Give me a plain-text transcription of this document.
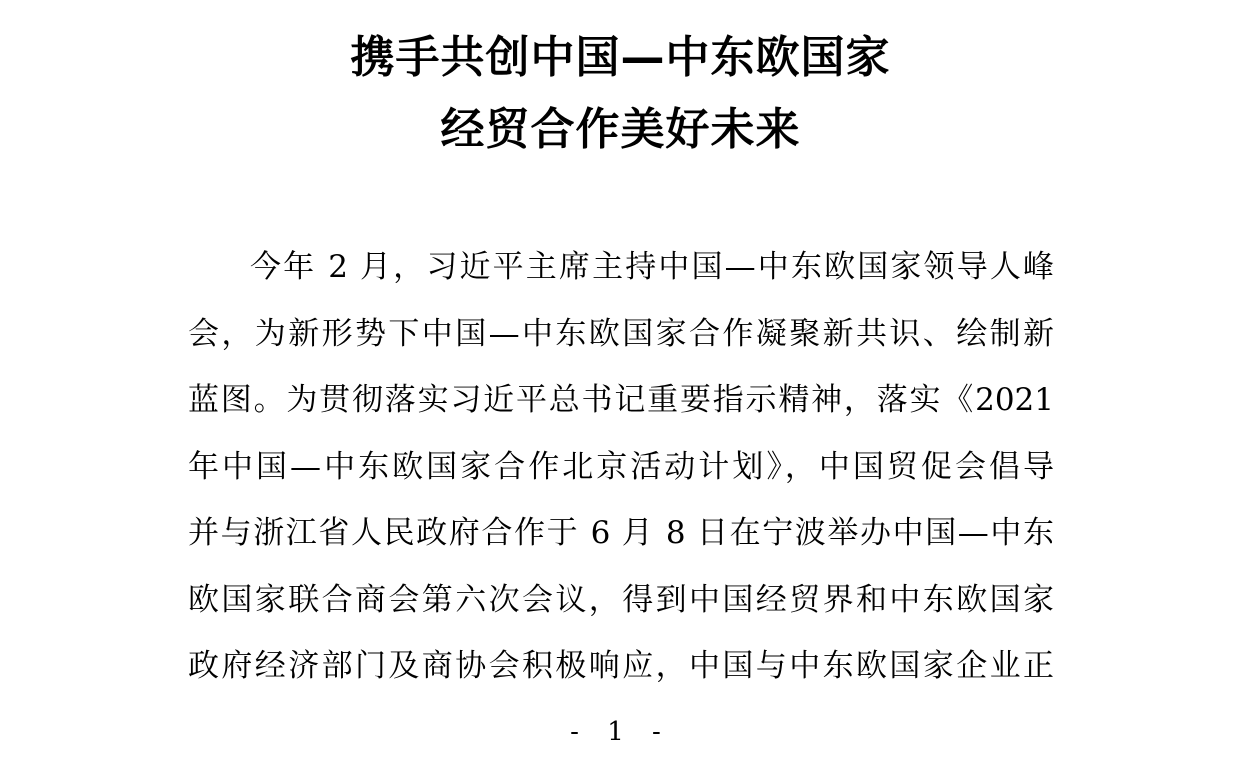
携手共创中国—中东欧国家
经贸合作美好未来
今年 2 月，习近平主席主持中国—中东欧国家领导人峰
会，为新形势下中国—中东欧国家合作凝聚新共识、绘制新
蓝图。为贯彻落实习近平总书记重要指示精神，落实《2021
年中国—中东欧国家合作北京活动计划》，中国贸促会倡导
并与浙江省人民政府合作于 6 月 8 日在宁波举办中国—中东
欧国家联合商会第六次会议，得到中国经贸界和中东欧国家
政府经济部门及商协会积极响应，中国与中东欧国家企业正
- 1 -
